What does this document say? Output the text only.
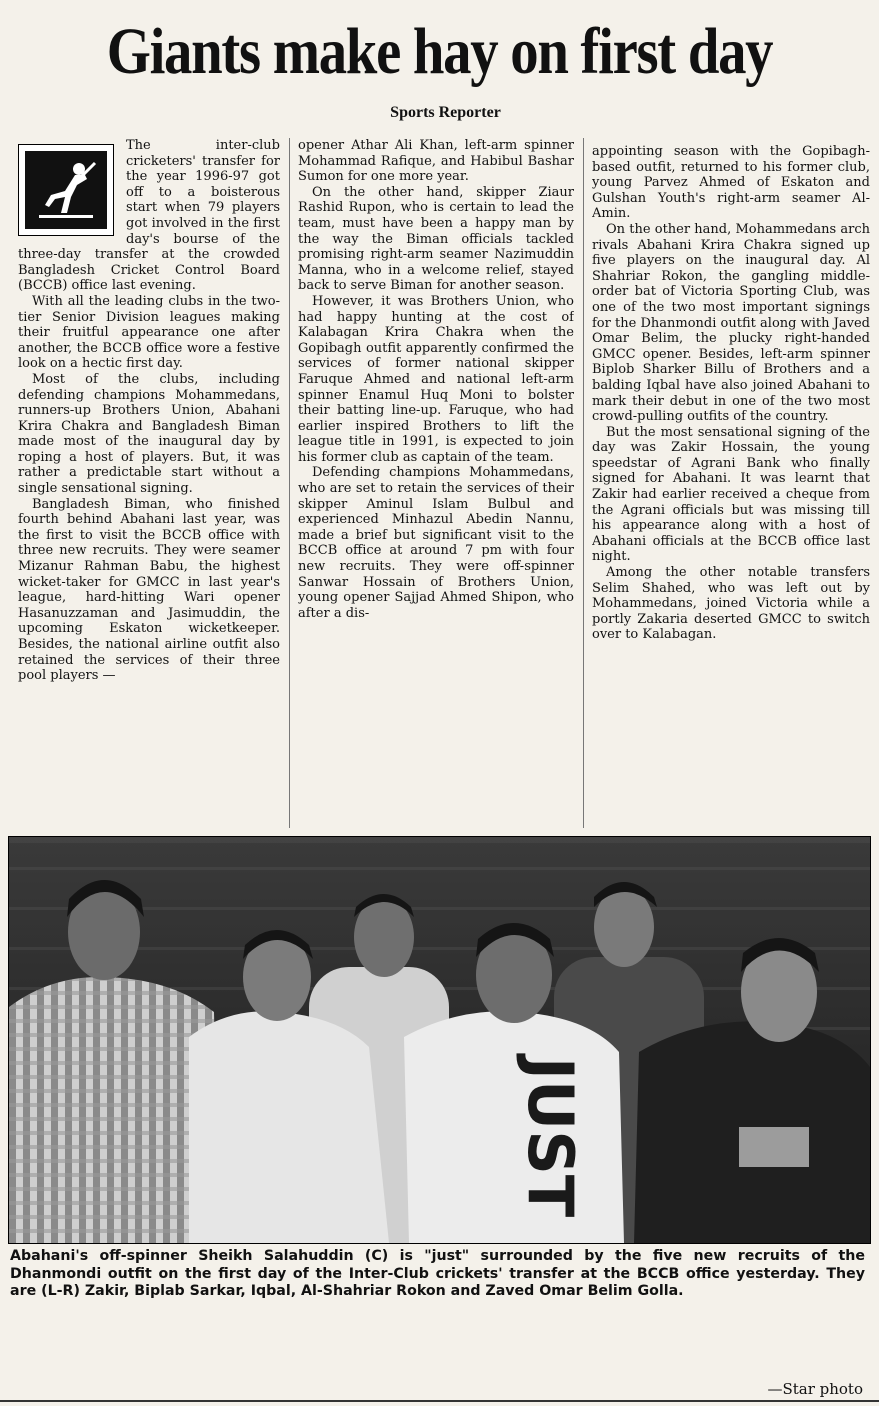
Giants make hay on first day
Sports Reporter

The inter-club cricketers' transfer for the year 1996-97 got off to a boisterous start when 79 players got involved in the first day's bourse of the three-day transfer at the crowded Bangladesh Cricket Control Board (BCCB) office last evening.

With all the leading clubs in the two-tier Senior Division leagues making their fruitful appearance one after another, the BCCB office wore a festive look on a hectic first day.

Most of the clubs, including defending champions Mohammedans, runners-up Brothers Union, Abahani Krira Chakra and Bangladesh Biman made most of the inaugural day by roping a host of players. But, it was rather a predictable start without a single sensational signing.

Bangladesh Biman, who finished fourth behind Abahani last year, was the first to visit the BCCB office with three new recruits. They were seamer Mizanur Rahman Babu, the highest wicket-taker for GMCC in last year's league, hard-hitting Wari opener Hasanuzzaman and Jasimuddin, the upcoming Eskaton wicketkeeper. Besides, the national airline outfit also retained the services of their three pool players —

opener Athar Ali Khan, left-arm spinner Mohammad Rafique, and Habibul Bashar Sumon for one more year.

On the other hand, skipper Ziaur Rashid Rupon, who is certain to lead the team, must have been a happy man by the way the Biman officials tackled promising right-arm seamer Nazimuddin Manna, who in a welcome relief, stayed back to serve Biman for another season.

However, it was Brothers Union, who had happy hunting at the cost of Kalabagan Krira Chakra when the Gopibagh outfit apparently confirmed the services of former national skipper Faruque Ahmed and national left-arm spinner Enamul Huq Moni to bolster their batting line-up. Faruque, who had earlier inspired Brothers to lift the league title in 1991, is expected to join his former club as captain of the team.

Defending champions Mohammedans, who are set to retain the services of their skipper Aminul Islam Bulbul and experienced Minhazul Abedin Nannu, made a brief but significant visit to the BCCB office at around 7 pm with four new recruits. They were off-spinner Sanwar Hossain of Brothers Union, young opener Sajjad Ahmed Shipon, who after a dis-

appointing season with the Gopibagh-based outfit, returned to his former club, young Parvez Ahmed of Eskaton and Gulshan Youth's right-arm seamer Al-Amin.

On the other hand, Mohammedans arch rivals Abahani Krira Chakra signed up five players on the inaugural day. Al Shahriar Rokon, the gangling middle-order bat of Victoria Sporting Club, was one of the two most important signings for the Dhanmondi outfit along with Javed Omar Belim, the plucky right-handed GMCC opener. Besides, left-arm spinner Biplob Sharker Billu of Brothers and a balding Iqbal have also joined Abahani to mark their debut in one of the two most crowd-pulling outfits of the country.

But the most sensational signing of the day was Zakir Hossain, the young speedstar of Agrani Bank who finally signed for Abahani. It was learnt that Zakir had earlier received a cheque from the Agrani officials but was missing till his appearance along with a host of Abahani officials at the BCCB office last night.

Among the other notable transfers Selim Shahed, who was left out by Mohammedans, joined Victoria while a portly Zakaria deserted GMCC to switch over to Kalabagan.

JUST
Abahani's off-spinner Sheikh Salahuddin (C) is "just" surrounded by the five new recruits of the Dhanmondi outfit on the first day of the Inter-Club crickets' transfer at the BCCB office yesterday. They are (L-R) Zakir, Biplab Sarkar, Iqbal, Al-Shahriar Rokon and Zaved Omar Belim Golla.
—Star photo
